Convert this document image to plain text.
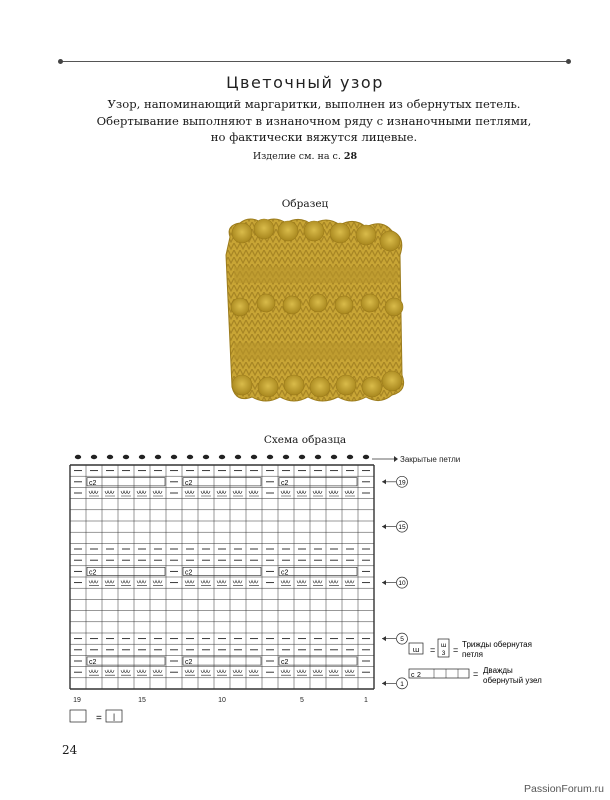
Цветочный узор
Узор, напоминающий маргаритки, выполнен из обернутых петель.
Обертывание выполняют в изнаночном ряду с изнаночными петлями,
но фактически вяжутся лицевые.
Изделие см. на с. 28
Образец
Схема образца
c2	c2	c2
c2	c2	c2
c2	c2	c2
Закрытые петли
1
5
10
15
19
19	15	10	5	1
ա = ա
3 =
Трижды обернутая
петля
c 2	= Дважды
обернутый узел
= |
24
PassionForum.ru
